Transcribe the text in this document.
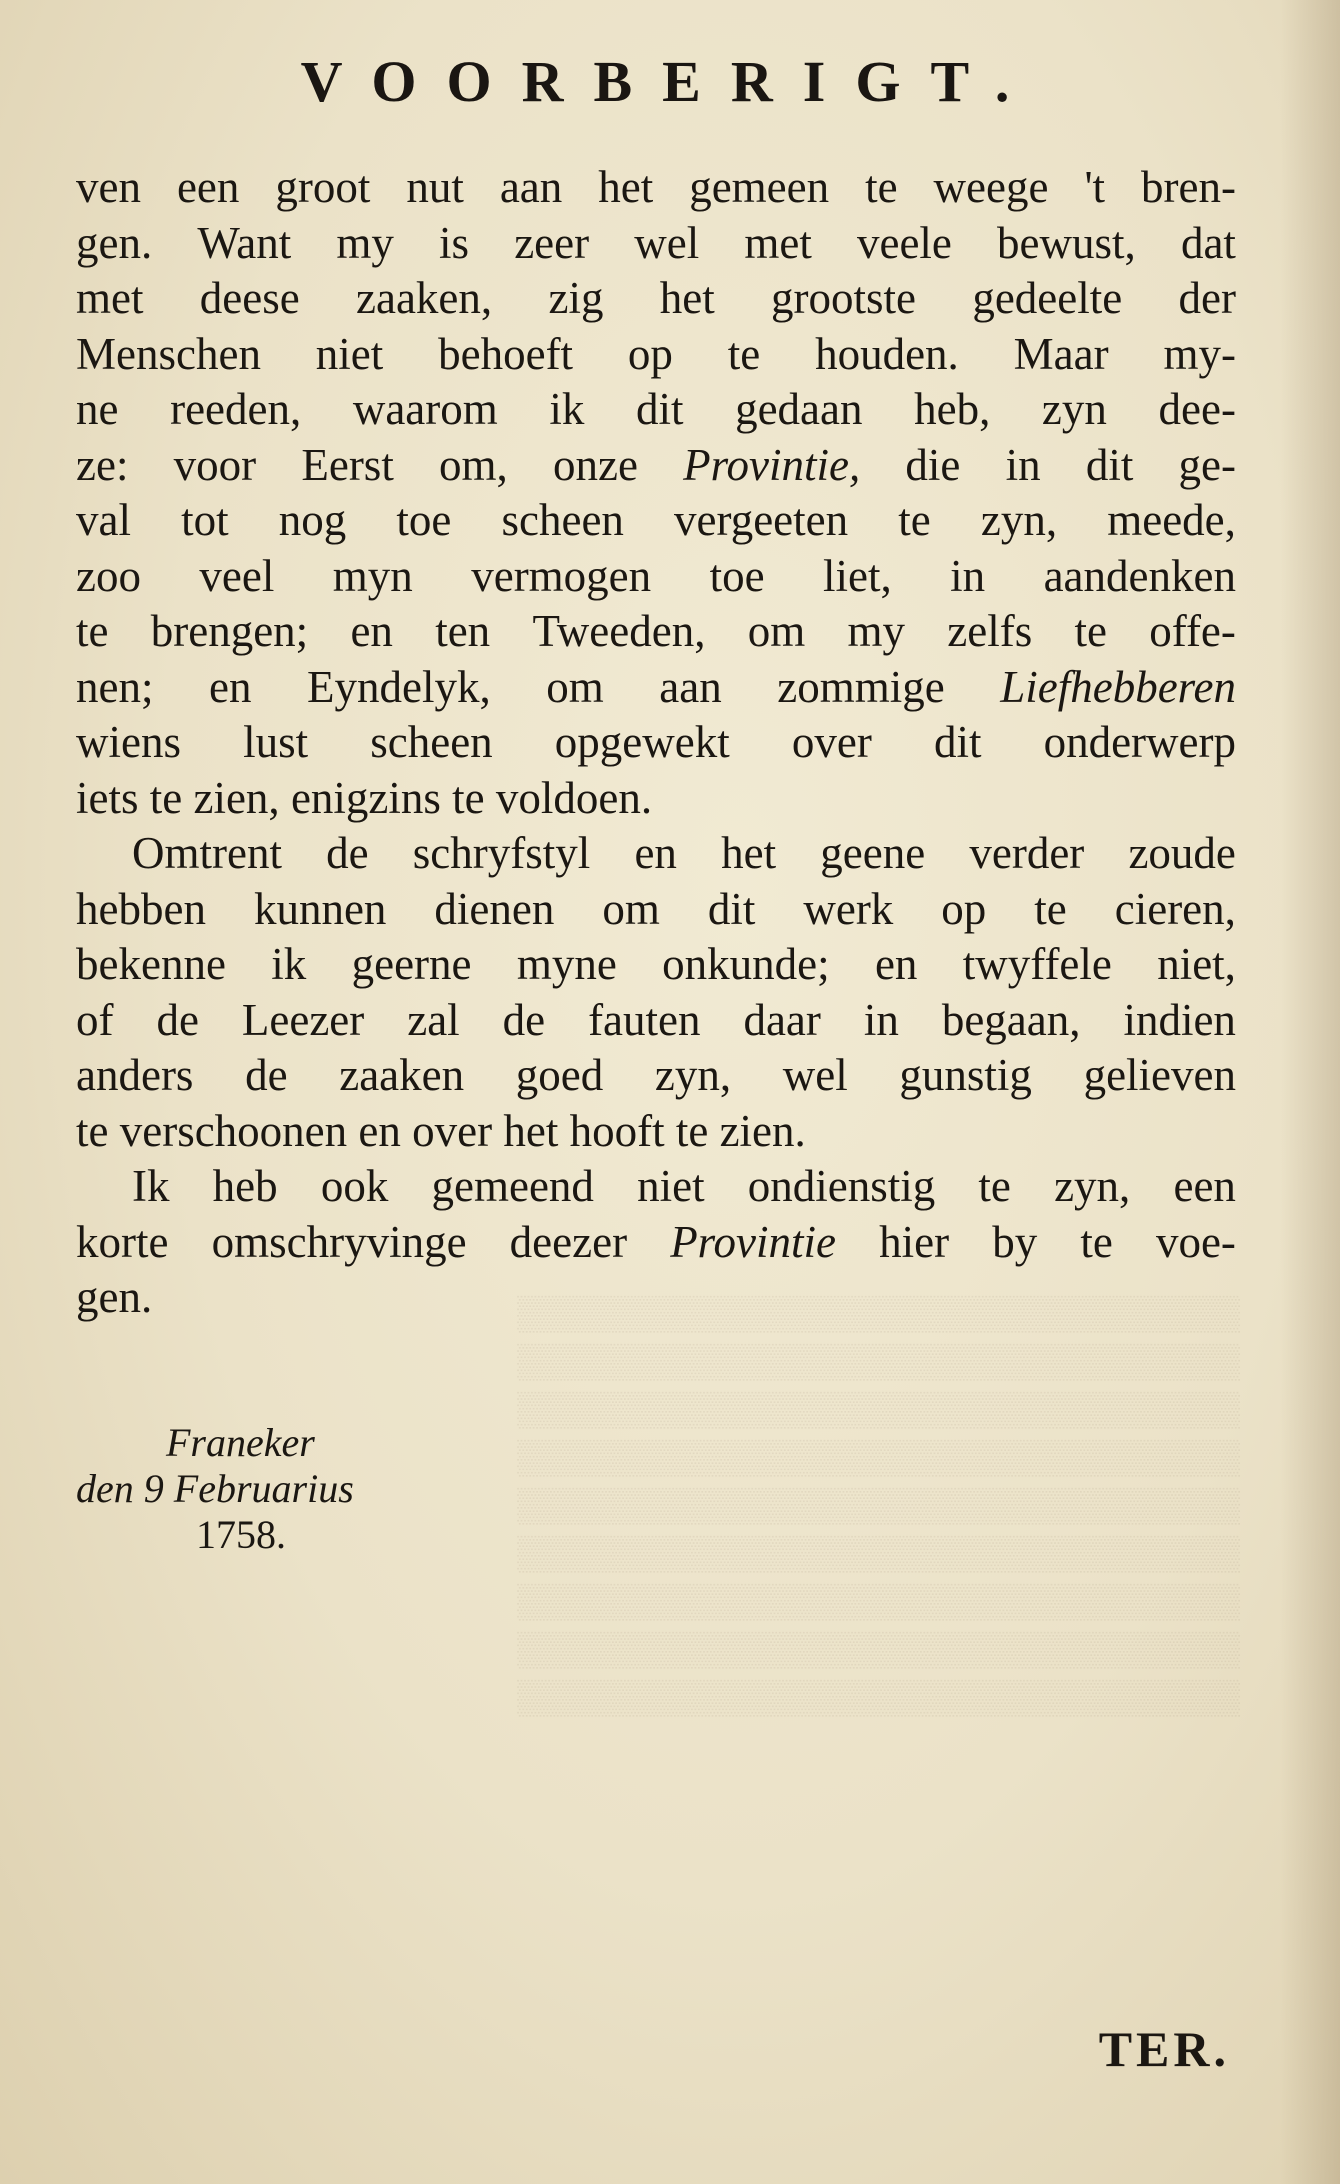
▒▒▒▒▒▒▒▒▒▒▒▒▒▒▒▒▒▒▒▒▒▒▒▒▒▒▒▒▒▒
▒▒▒▒▒▒▒▒▒▒▒▒▒▒▒▒▒▒▒▒▒▒▒▒▒▒▒▒▒▒
▒▒▒▒▒▒▒▒▒▒▒▒▒▒▒▒▒▒▒▒▒▒▒▒▒▒▒▒▒▒
▒▒▒▒▒▒▒▒▒▒▒▒▒▒▒▒▒▒▒▒▒▒▒▒▒▒▒▒▒▒
▒▒▒▒▒▒▒▒▒▒▒▒▒▒▒▒▒▒▒▒▒▒▒▒▒▒▒▒▒▒
▒▒▒▒▒▒▒▒▒▒▒▒▒▒▒▒▒▒▒▒▒▒▒▒▒▒▒▒▒▒
▒▒▒▒▒▒▒▒▒▒▒▒▒▒▒▒▒▒▒▒▒▒▒▒▒▒▒▒▒▒
▒▒▒▒▒▒▒▒▒▒▒▒▒▒▒▒▒▒▒▒▒▒▒▒▒▒▒▒▒▒
▒▒▒▒▒▒▒▒▒▒▒▒▒▒▒▒▒▒▒▒▒▒▒▒▒▒▒▒▒▒
VOORBERIGT.
ven een groot nut aan het gemeen te weege 't bren-
gen. Want my is zeer wel met veele bewust, dat
met deese zaaken, zig het grootste gedeelte der
Menschen niet behoeft op te houden. Maar my-
ne reeden, waarom ik dit gedaan heb, zyn dee-
ze: voor Eerst om, onze Provintie, die in dit ge-
val tot nog toe scheen vergeeten te zyn, meede,
zoo veel myn vermogen toe liet, in aandenken
te brengen; en ten Tweeden, om my zelfs te offe-
nen; en Eyndelyk, om aan zommige Liefhebberen
wiens lust scheen opgewekt over dit onderwerp
iets te zien, enigzins te voldoen.
Omtrent de schryfstyl en het geene verder zoude
hebben kunnen dienen om dit werk op te cieren,
bekenne ik geerne myne onkunde; en twyffele niet,
of de Leezer zal de fauten daar in begaan, indien
anders de zaaken goed zyn, wel gunstig gelieven
te verschoonen en over het hooft te zien.
Ik heb ook gemeend niet ondienstig te zyn, een
korte omschryvinge deezer Provintie hier by te voe-
gen.
Franeker
den 9 Februarius
1758.
TER.
